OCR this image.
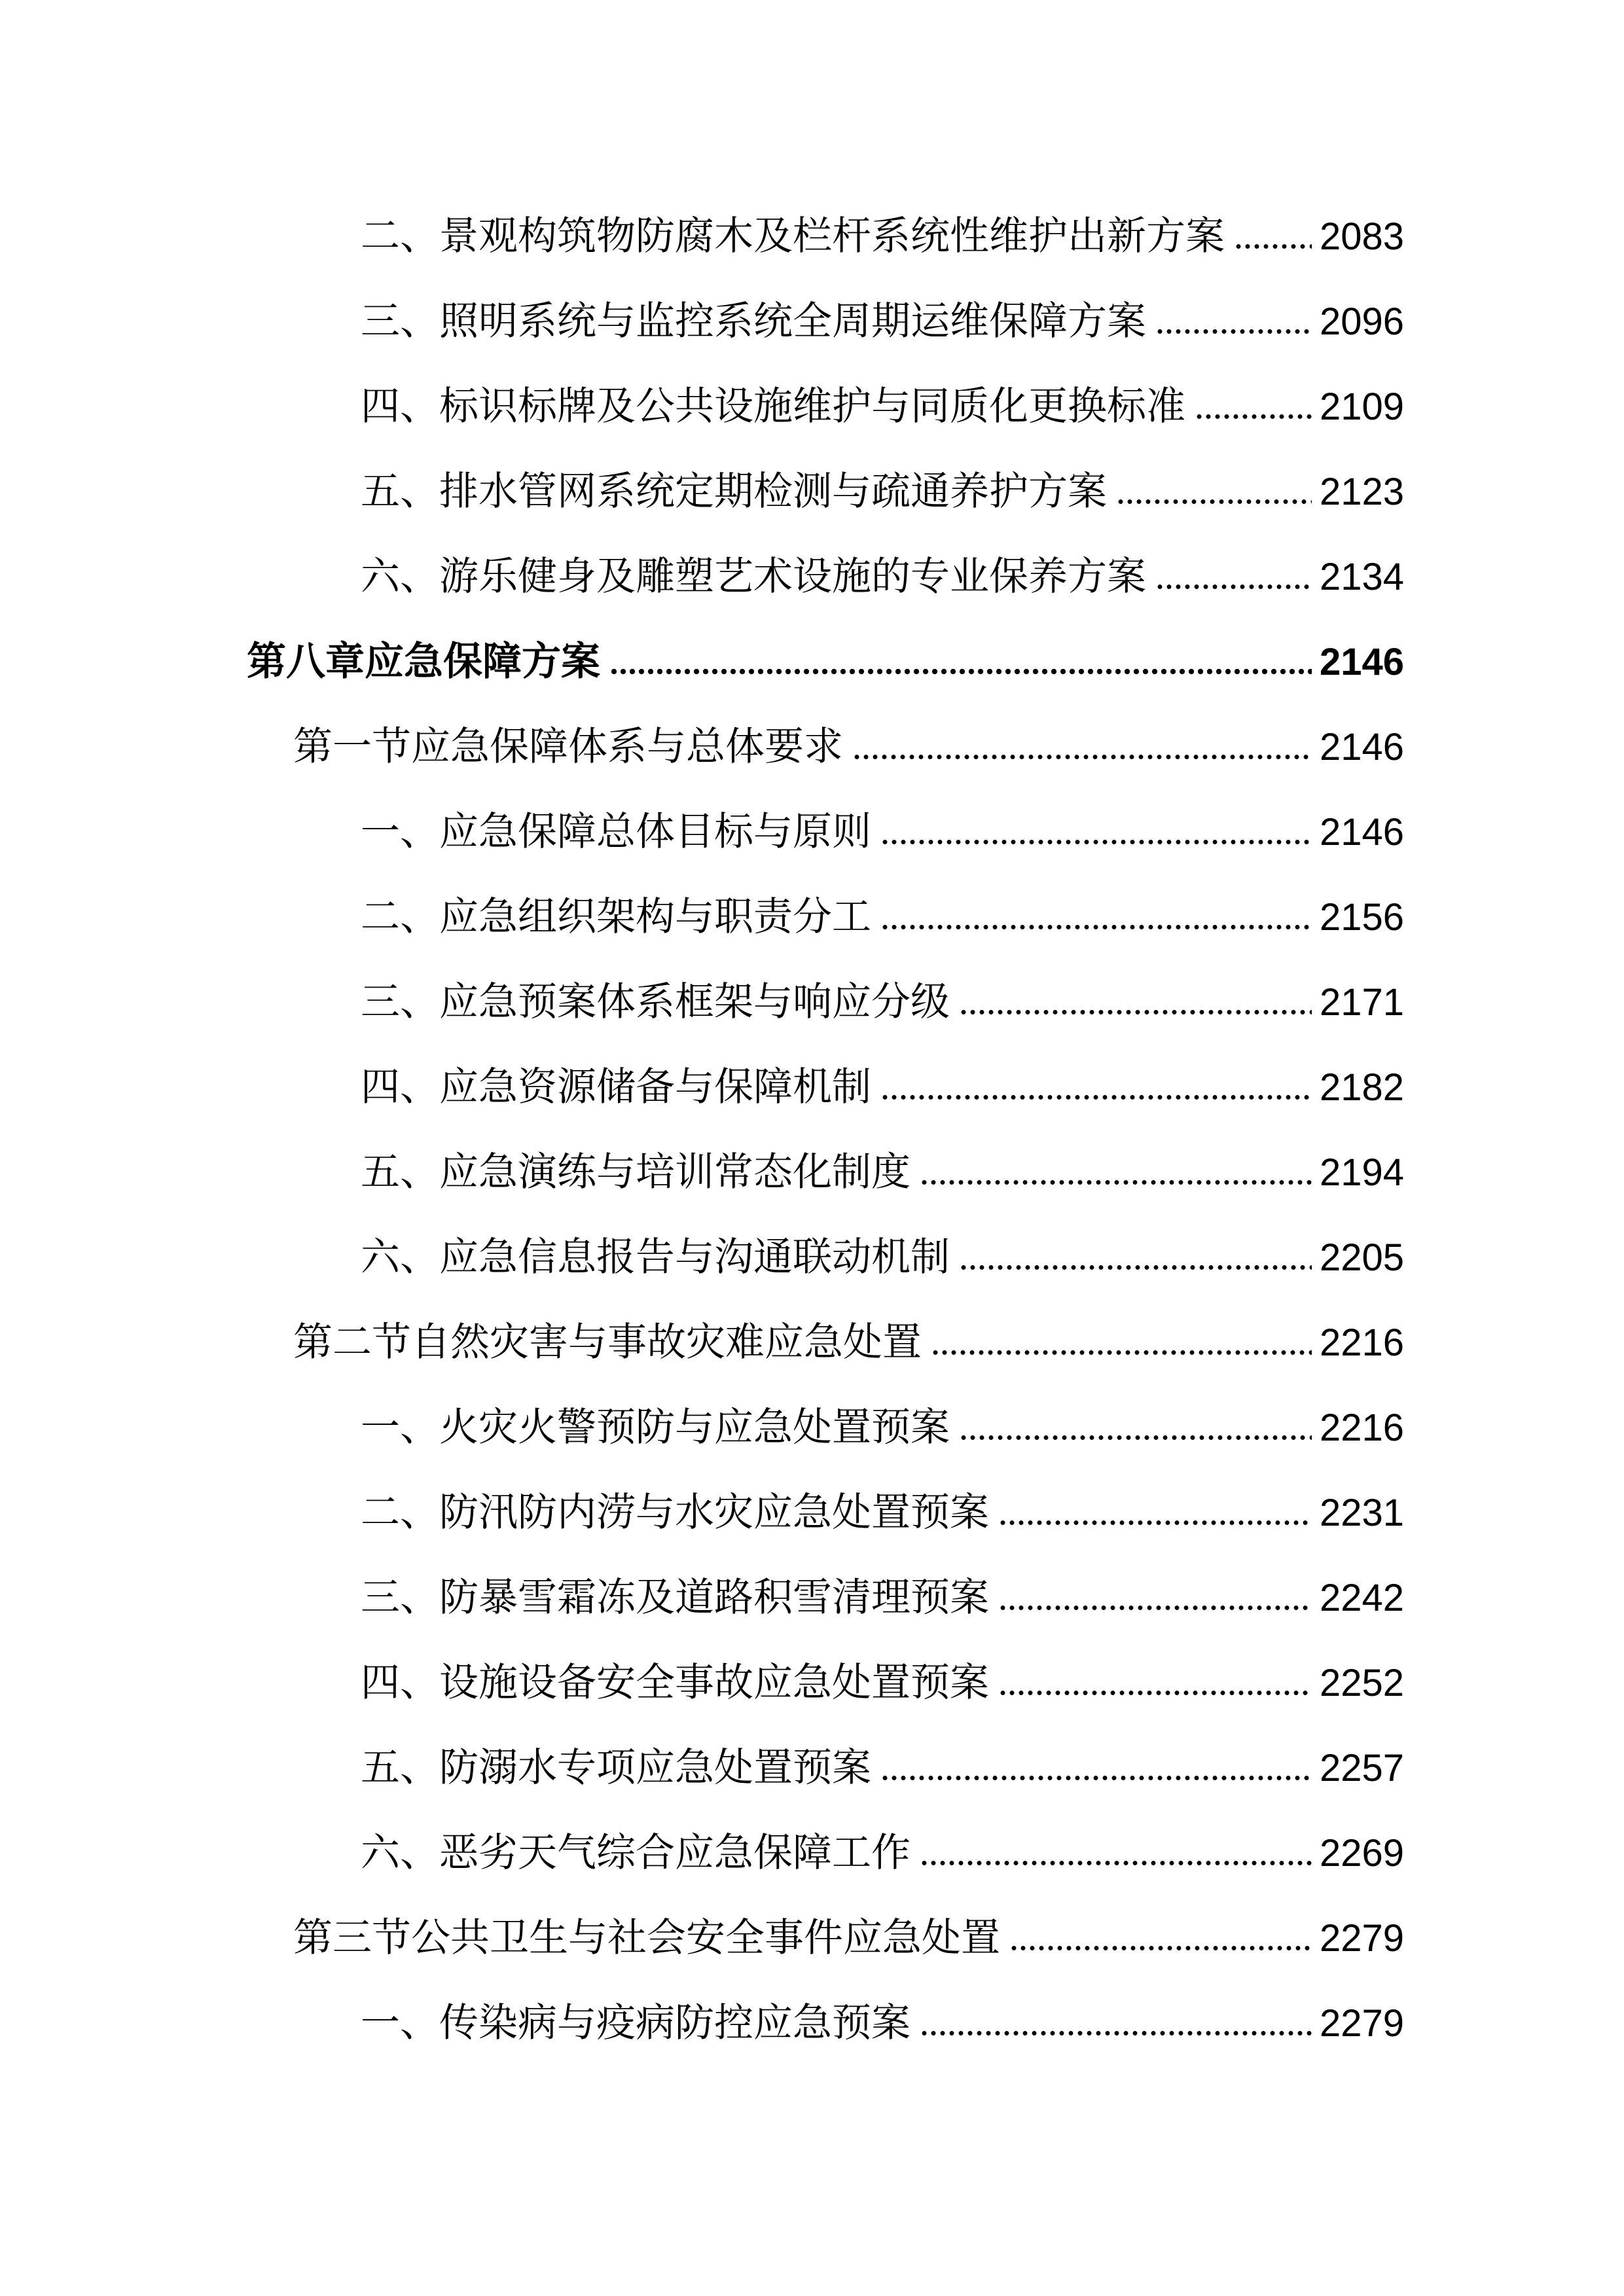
二、景观构筑物防腐木及栏杆系统性维护出新方案 2083
三、照明系统与监控系统全周期运维保障方案	2096
四、标识标牌及公共设施维护与同质化更换标准	2109
五、排水管网系统定期检测与疏通养护方案	2123
六、游乐健身及雕塑艺术设施的专业保养方案	2134
第八章应急保障方案	2146
第一节应急保障体系与总体要求	2146
一、应急保障总体目标与原则	2146
二、应急组织架构与职责分工	2156
三、应急预案体系框架与响应分级	2171
四、应急资源储备与保障机制	2182
五、应急演练与培训常态化制度	2194
六、应急信息报告与沟通联动机制	2205
第二节自然灾害与事故灾难应急处置	2216
一、火灾火警预防与应急处置预案	2216
二、防汛防内涝与水灾应急处置预案	2231
三、防暴雪霜冻及道路积雪清理预案	2242
四、设施设备安全事故应急处置预案	2252
五、防溺水专项应急处置预案	2257
六、恶劣天气综合应急保障工作	2269
第三节公共卫生与社会安全事件应急处置	2279
一、传染病与疫病防控应急预案	2279
